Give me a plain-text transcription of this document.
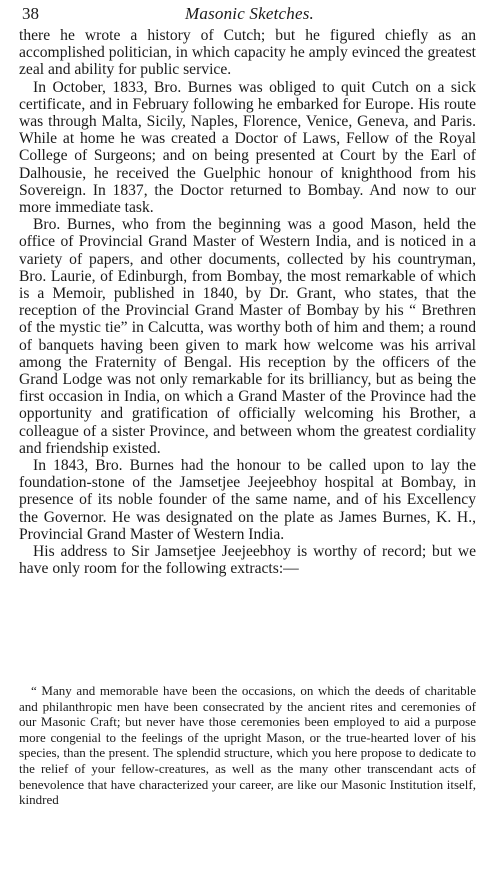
38	Masonic Sketches.

there he wrote a history of Cutch; but he figured chiefly as an accomplished politician, in which capacity he amply evinced the greatest zeal and ability for public service.

In October, 1833, Bro. Burnes was obliged to quit Cutch on a sick certificate, and in February following he embarked for Europe. His route was through Malta, Sicily, Naples, Florence, Venice, Geneva, and Paris. While at home he was created a Doctor of Laws, Fellow of the Royal College of Surgeons; and on being presented at Court by the Earl of Dalhousie, he received the Guelphic honour of knighthood from his Sovereign. In 1837, the Doctor returned to Bombay. And now to our more immediate task.

Bro. Burnes, who from the beginning was a good Mason, held the office of Provincial Grand Master of Western India, and is noticed in a variety of papers, and other documents, collected by his countryman, Bro. Laurie, of Edinburgh, from Bombay, the most remarkable of which is a Memoir, published in 1840, by Dr. Grant, who states, that the reception of the Provincial Grand Master of Bombay by his “ Brethren of the mystic tie” in Calcutta, was worthy both of him and them; a round of banquets having been given to mark how welcome was his arrival among the Fraternity of Bengal. His reception by the officers of the Grand Lodge was not only remarkable for its brilliancy, but as being the first occasion in India, on which a Grand Master of the Province had the opportunity and gratification of officially welcoming his Brother, a colleague of a sister Province, and between whom the greatest cordiality and friendship existed.

In 1843, Bro. Burnes had the honour to be called upon to lay the foundation-stone of the Jamsetjee Jeejeebhoy hospital at Bombay, in presence of its noble founder of the same name, and of his Excellency the Governor. He was designated on the plate as James Burnes, K. H., Provincial Grand Master of Western India.

His address to Sir Jamsetjee Jeejeebhoy is worthy of record; but we have only room for the following extracts:—

“ Many and memorable have been the occasions, on which the deeds of charitable and philanthropic men have been consecrated by the ancient rites and ceremonies of our Masonic Craft; but never have those ceremonies been employed to aid a purpose more congenial to the feelings of the upright Mason, or the true-hearted lover of his species, than the present. The splendid structure, which you here propose to dedicate to the relief of your fellow-creatures, as well as the many other transcendant acts of benevolence that have characterized your career, are like our Masonic Institution itself, kindred
